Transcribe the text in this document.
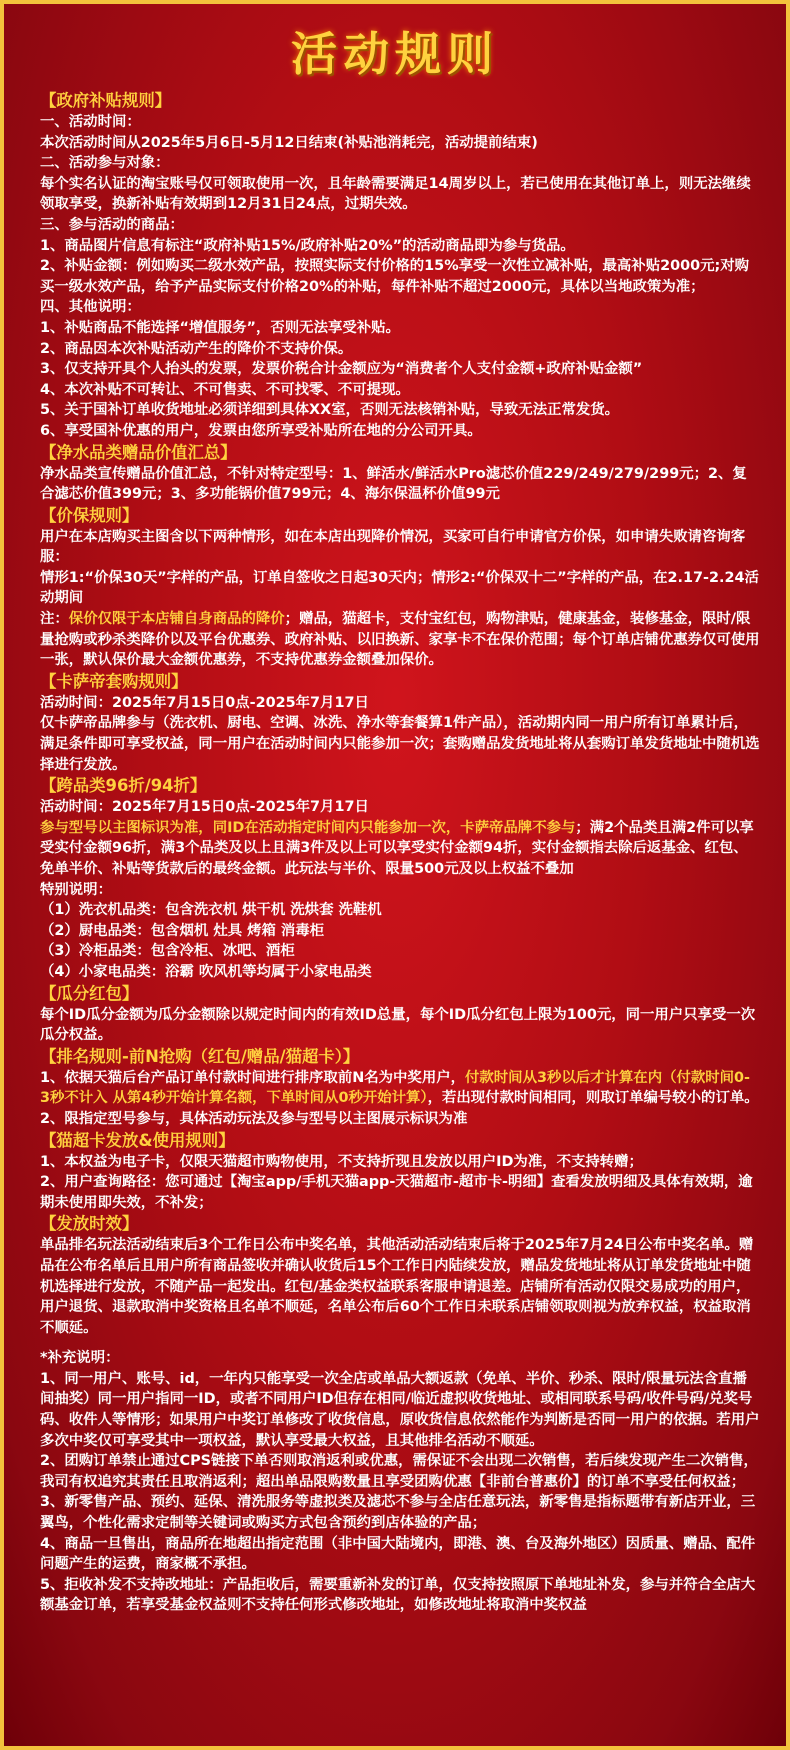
活动规则

【政府补贴规则】

一、活动时间：

本次活动时间从2025年5月6日-5月12日结束(补贴池消耗完，活动提前结束)

二、活动参与对象：

每个实名认证的淘宝账号仅可领取使用一次，且年龄需要满足14周岁以上，若已使用在其他订单上，则无法继续领取享受，换新补贴有效期到12月31日24点，过期失效。

三、参与活动的商品：

1、商品图片信息有标注“政府补贴15%/政府补贴20%”的活动商品即为参与货品。

2、补贴金额：例如购买二级水效产品，按照实际支付价格的15%享受一次性立减补贴，最高补贴2000元;对购买一级水效产品，给予产品实际支付价格20%的补贴，每件补贴不超过2000元，具体以当地政策为准；

四、其他说明：

1、补贴商品不能选择“增值服务”，否则无法享受补贴。

2、商品因本次补贴活动产生的降价不支持价保。

3、仅支持开具个人抬头的发票，发票价税合计金额应为“消费者个人支付金额+政府补贴金额”

4、本次补贴不可转让、不可售卖、不可找零、不可提现。

5、关于国补订单收货地址必须详细到具体XX室，否则无法核销补贴，导致无法正常发货。

6、享受国补优惠的用户，发票由您所享受补贴所在地的分公司开具。

【净水品类赠品价值汇总】

净水品类宣传赠品价值汇总，不针对特定型号：1、鲜活水/鲜活水Pro滤芯价值229/249/279/299元；2、复合滤芯价值399元；3、多功能锅价值799元；4、海尔保温杯价值99元

【价保规则】

用户在本店购买主图含以下两种情形，如在本店出现降价情况，买家可自行申请官方价保，如申请失败请咨询客服：

情形1:“价保30天”字样的产品，订单自签收之日起30天内；情形2:“价保双十二”字样的产品，在2.17-2.24活动期间

注：保价仅限于本店铺自身商品的降价；赠品，猫超卡，支付宝红包，购物津贴，健康基金，装修基金，限时/限量抢购或秒杀类降价以及平台优惠券、政府补贴、以旧换新、家享卡不在保价范围；每个订单店铺优惠券仅可使用一张，默认保价最大金额优惠券，不支持优惠券金额叠加保价。

【卡萨帝套购规则】

活动时间：2025年7月15日0点-2025年7月17日

仅卡萨帝品牌参与（洗衣机、厨电、空调、冰洗、净水等套餐算1件产品），活动期内同一用户所有订单累计后，满足条件即可享受权益，同一用户在活动时间内只能参加一次；套购赠品发货地址将从套购订单发货地址中随机选择进行发放。

【跨品类96折/94折】

活动时间：2025年7月15日0点-2025年7月17日

参与型号以主图标识为准，同ID在活动指定时间内只能参加一次，卡萨帝品牌不参与；满2个品类且满2件可以享受实付金额96折，满3个品类及以上且满3件及以上可以享受实付金额94折，实付金额指去除后返基金、红包、免单半价、补贴等货款后的最终金额。此玩法与半价、限量500元及以上权益不叠加

特别说明：

（1）洗衣机品类：包含洗衣机 烘干机 洗烘套 洗鞋机

（2）厨电品类：包含烟机 灶具 烤箱 消毒柜

（3）冷柜品类：包含冷柜、冰吧、酒柜

（4）小家电品类：浴霸 吹风机等均属于小家电品类

【瓜分红包】

每个ID瓜分金额为瓜分金额除以规定时间内的有效ID总量，每个ID瓜分红包上限为100元，同一用户只享受一次瓜分权益。

【排名规则-前N抢购（红包/赠品/猫超卡）】

1、依据天猫后台产品订单付款时间进行排序取前N名为中奖用户，付款时间从3秒以后才计算在内（付款时间0-3秒不计入 从第4秒开始计算名额，下单时间从0秒开始计算），若出现付款时间相同，则取订单编号较小的订单。

2、限指定型号参与，具体活动玩法及参与型号以主图展示标识为准

【猫超卡发放&使用规则】

1、本权益为电子卡，仅限天猫超市购物使用，不支持折现且发放以用户ID为准，不支持转赠；

2、用户查询路径：您可通过【淘宝app/手机天猫app-天猫超市-超市卡-明细】查看发放明细及具体有效期，逾期未使用即失效，不补发；

【发放时效】

单品排名玩法活动结束后3个工作日公布中奖名单，其他活动活动结束后将于2025年7月24日公布中奖名单。赠品在公布名单后且用户所有商品签收并确认收货后15个工作日内陆续发放，赠品发货地址将从订单发货地址中随机选择进行发放，不随产品一起发出。红包/基金类权益联系客服申请退差。店铺所有活动仅限交易成功的用户，用户退货、退款取消中奖资格且名单不顺延，名单公布后60个工作日未联系店铺领取则视为放弃权益，权益取消不顺延。

*补充说明：

1、同一用户、账号、id，一年内只能享受一次全店或单品大额返款（免单、半价、秒杀、限时/限量玩法含直播间抽奖）同一用户指同一ID，或者不同用户ID但存在相同/临近虚拟收货地址、或相同联系号码/收件号码/兑奖号码、收件人等情形；如果用户中奖订单修改了收货信息，原收货信息依然能作为判断是否同一用户的依据。若用户多次中奖仅可享受其中一项权益，默认享受最大权益，且其他排名活动不顺延。

2、团购订单禁止通过CPS链接下单否则取消返利或优惠，需保证不会出现二次销售，若后续发现产生二次销售，我司有权追究其责任且取消返利；超出单品限购数量且享受团购优惠【非前台普惠价】的订单不享受任何权益；

3、新零售产品、预约、延保、清洗服务等虚拟类及滤芯不参与全店任意玩法，新零售是指标题带有新店开业，三翼鸟，个性化需求定制等关键词或购买方式包含预约到店体验的产品；

4、商品一旦售出，商品所在地超出指定范围（非中国大陆境内，即港、澳、台及海外地区）因质量、赠品、配件问题产生的运费，商家概不承担。

5、拒收补发不支持改地址：产品拒收后，需要重新补发的订单，仅支持按照原下单地址补发，参与并符合全店大额基金订单，若享受基金权益则不支持任何形式修改地址，如修改地址将取消中奖权益
